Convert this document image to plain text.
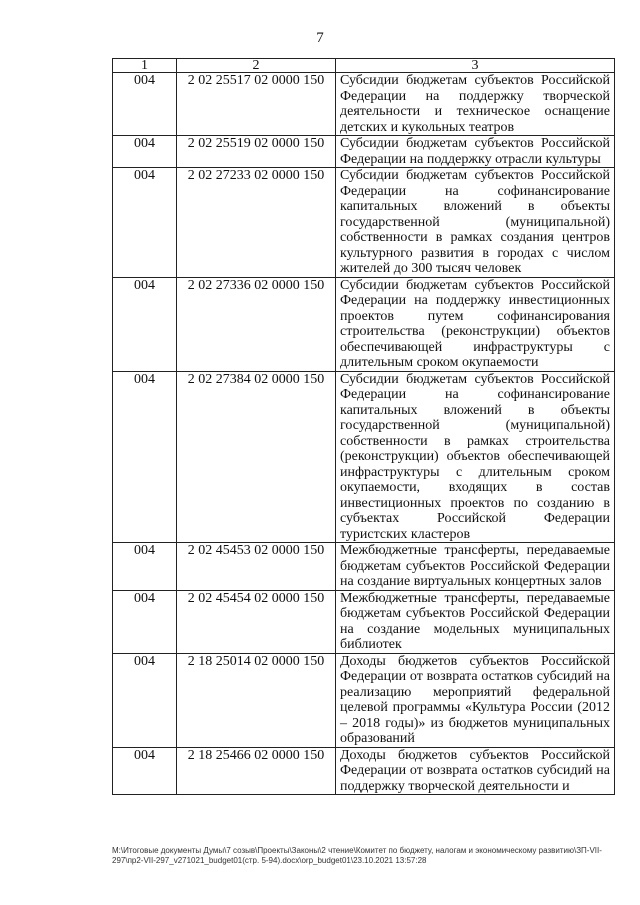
7
1	2	3
004	2 02 25517 02 0000 150	Субсидии бюджетам субъектов Российской Федерации на поддержку творческой деятельности и техническое оснащение детских и кукольных театров
004	2 02 25519 02 0000 150	Субсидии бюджетам субъектов Российской Федерации на поддержку отрасли культуры
004	2 02 27233 02 0000 150	Субсидии бюджетам субъектов Российской Федерации на софинансирование капитальных вложений в объекты государственной (муниципальной) собственности в рамках создания центров культурного развития в городах с числом жителей до 300 тысяч человек
004	2 02 27336 02 0000 150	Субсидии бюджетам субъектов Российской Федерации на поддержку инвестиционных проектов путем софинансирования строительства (реконструкции) объектов обеспечивающей инфраструктуры с длительным сроком окупаемости
004	2 02 27384 02 0000 150	Субсидии бюджетам субъектов Российской Федерации на софинансирование капитальных вложений в объекты государственной (муниципальной) собственности в рамках строительства (реконструкции) объектов обеспечивающей инфраструктуры с длительным сроком окупаемости, входящих в состав инвестиционных проектов по созданию в субъектах Российской Федерации туристских кластеров
004	2 02 45453 02 0000 150	Межбюджетные трансферты, передаваемые бюджетам субъектов Российской Федерации на создание виртуальных концертных залов
004	2 02 45454 02 0000 150	Межбюджетные трансферты, передаваемые бюджетам субъектов Российской Федерации на создание модельных муниципальных библиотек
004	2 18 25014 02 0000 150	Доходы бюджетов субъектов Российской Федерации от возврата остатков субсидий на реализацию мероприятий федеральной целевой программы «Культура России (2012 – 2018 годы)» из бюджетов муниципальных образований
004	2 18 25466 02 0000 150	Доходы бюджетов субъектов Российской Федерации от возврата остатков субсидий на поддержку творческой деятельности и
M:\Итоговые документы Думы\7 созыв\Проекты\Законы\2 чтение\Комитет по бюджету, налогам и экономическому развитию\ЗП-VII-297\пр2-VII-297_v271021_budget01(стр. 5-94).docx\orp_budget01\23.10.2021 13:57:28
